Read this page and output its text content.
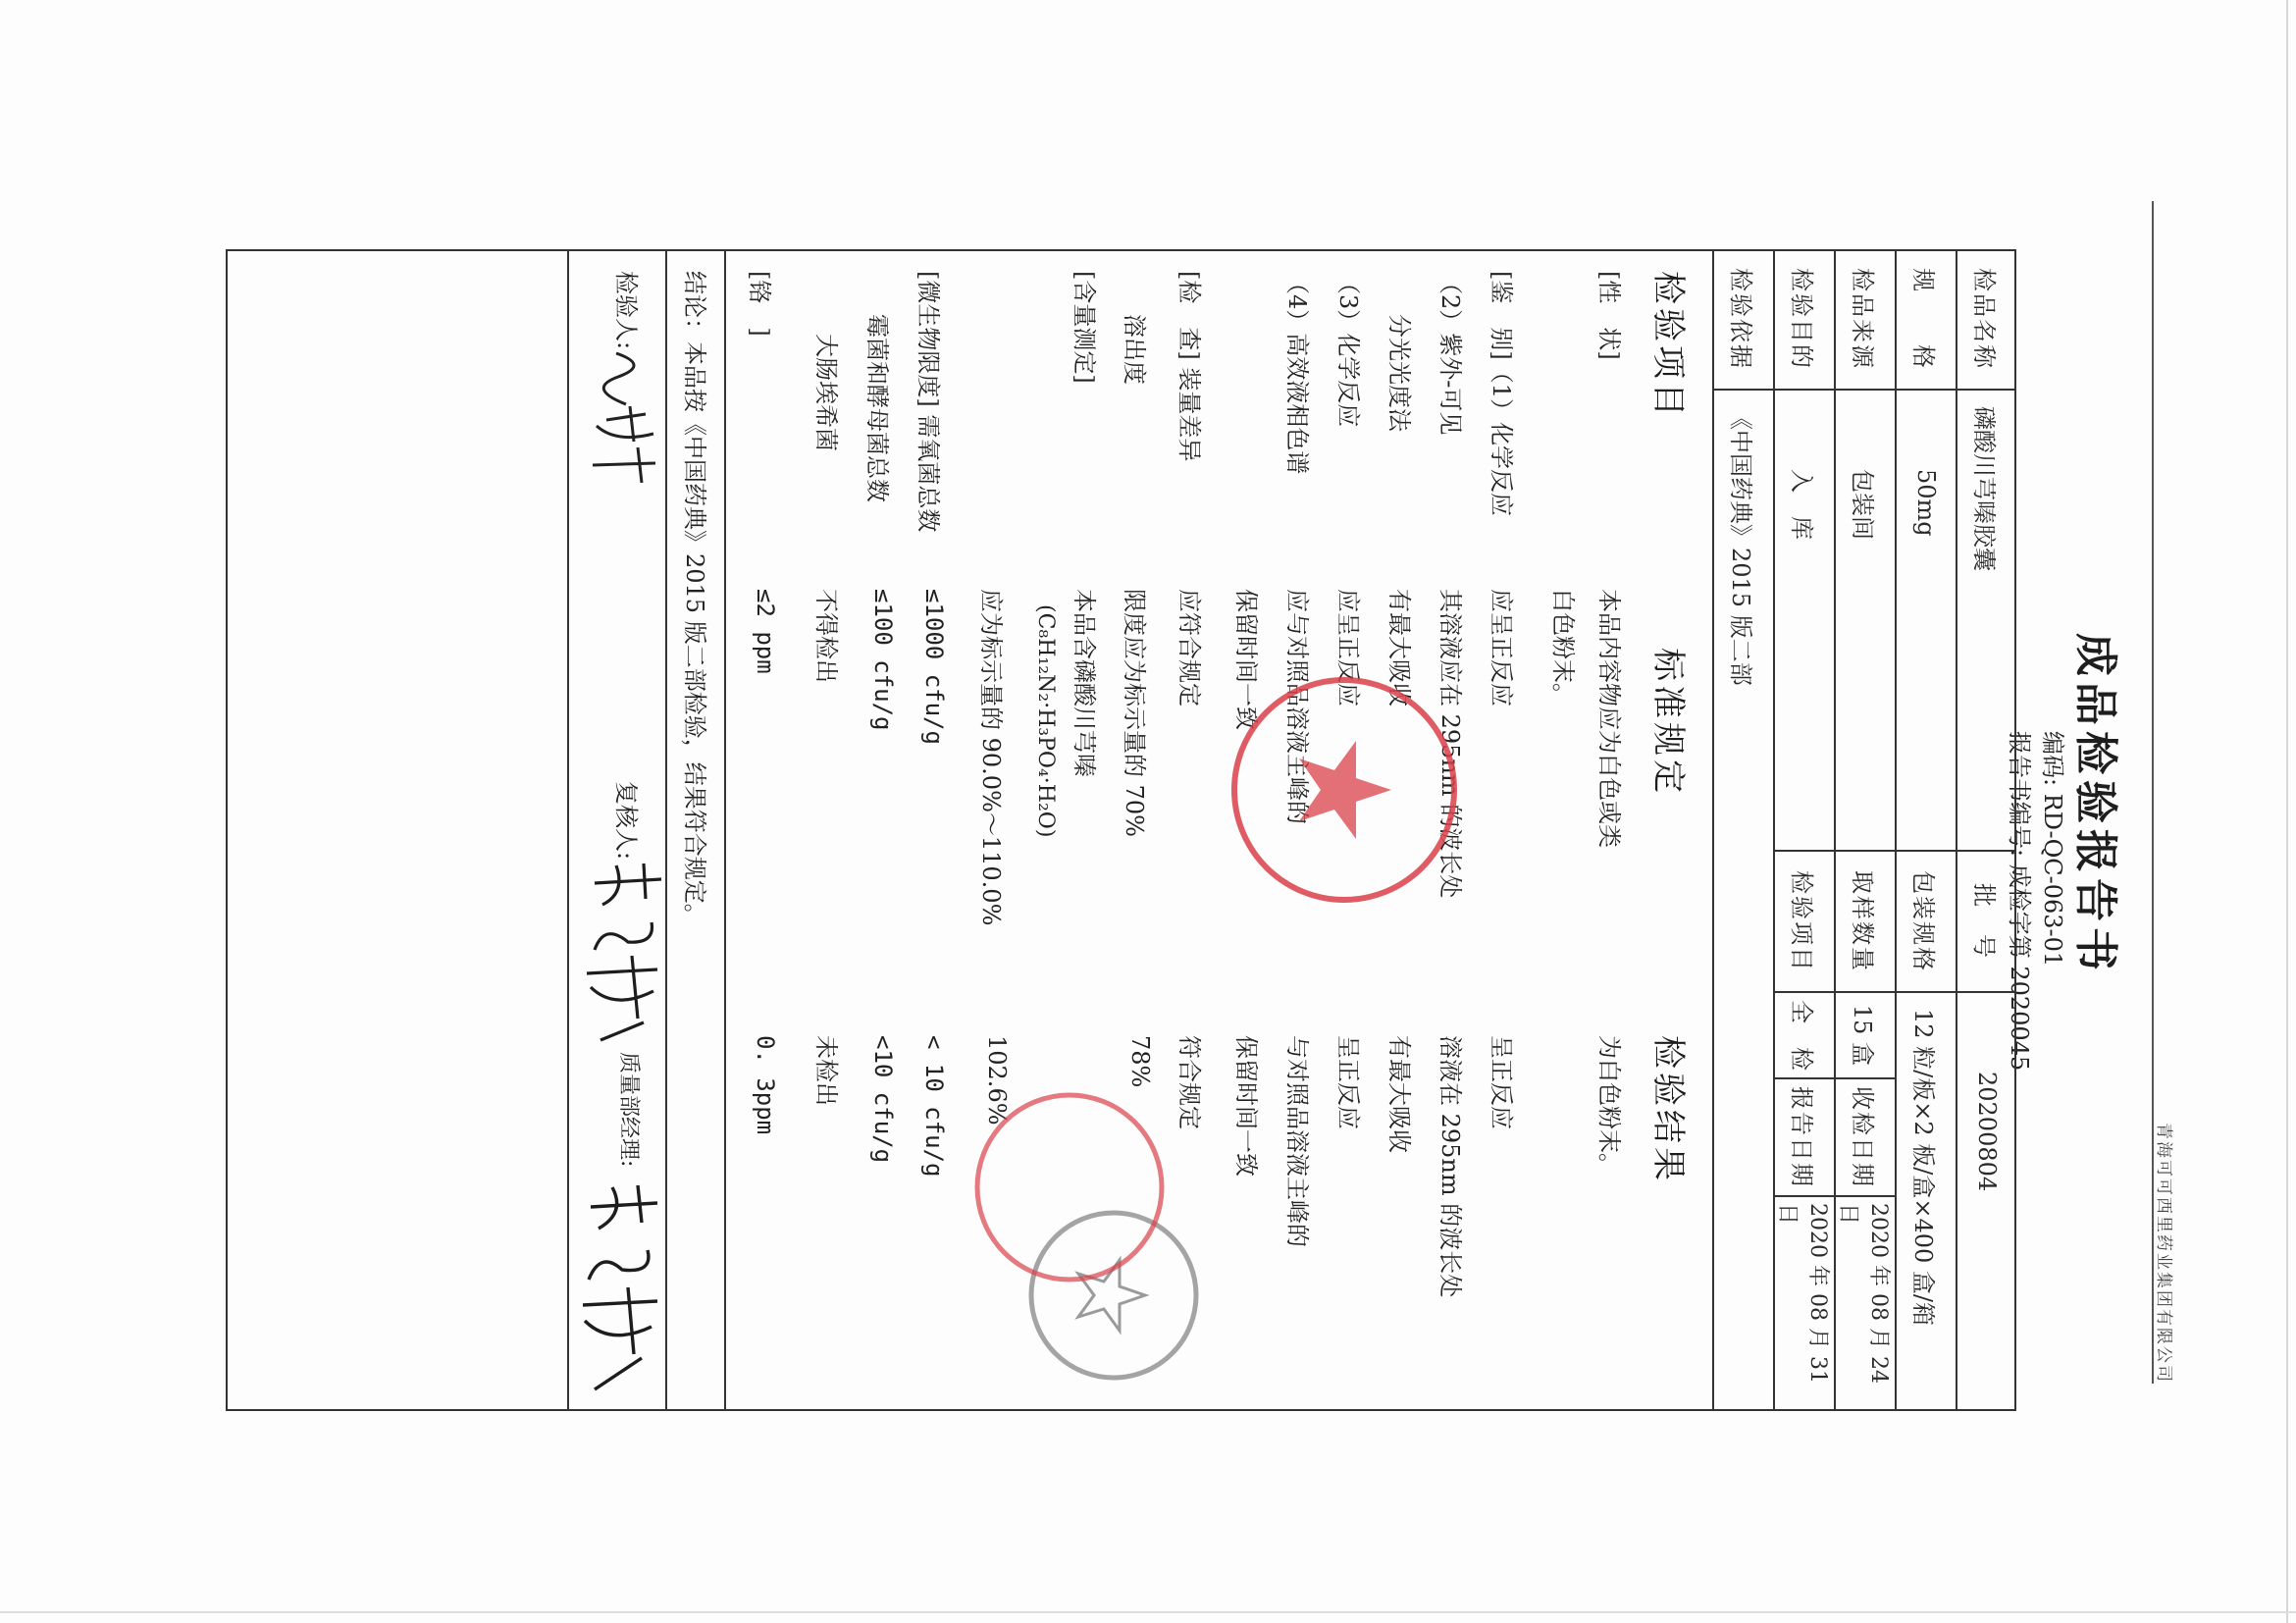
青海可可西里药业集团有限公司
成品检验报告书
编码: RD-QC-063-01
报告书编号: 成检字第 2020045
检品名称
磷酸川芎嗪胶囊
批　号
20200804
规　　格
50mg
包装规格
12 粒/板×2 板/盒×400 盒/箱
检品来源
包装间
取样数量
15 盒
收检日期
2020 年 08 月 24 日
检验目的
入　库
检验项目
全　检
报告日期
2020 年 08 月 31 日
检验依据
《中国药典》2015 版二部
检验项目
标准规定
检验结果
[性　状]
本品内容物应为白色或类
为白色粉末。
白色粉末。
[鉴　别]（1）化学反应
应呈正反应
呈正反应
（2）紫外-可见
其溶液应在 295nm 的波长处
溶液在 295nm 的波长处
分光光度法
有最大吸收
有最大吸收
（3）化学反应
应呈正反应
呈正反应
（4）高效液相色谱
应与对照品溶液主峰的
与对照品溶液主峰的
保留时间一致
保留时间一致
[检　查] 装量差异
应符合规定
符合规定
溶出度
限度应为标示量的 70%
78%
[含量测定]
本品含磷酸川芎嗪
(C₈H₁₂N₂·H₃PO₄·H₂O)
应为标示量的 90.0%～110.0%
102.6%
[微生物限度] 需氧菌总数
≤1000 cfu/g
< 10 cfu/g
霉菌和酵母菌总数
≤100 cfu/g
<10 cfu/g
大肠埃希菌
不得检出
未检出
[铬　]
≤2 ppm
0. 3ppm
结论：本品按《中国药典》2015 版二部检验，结果符合规定。
检验人:
复核人:
质量部经理:
